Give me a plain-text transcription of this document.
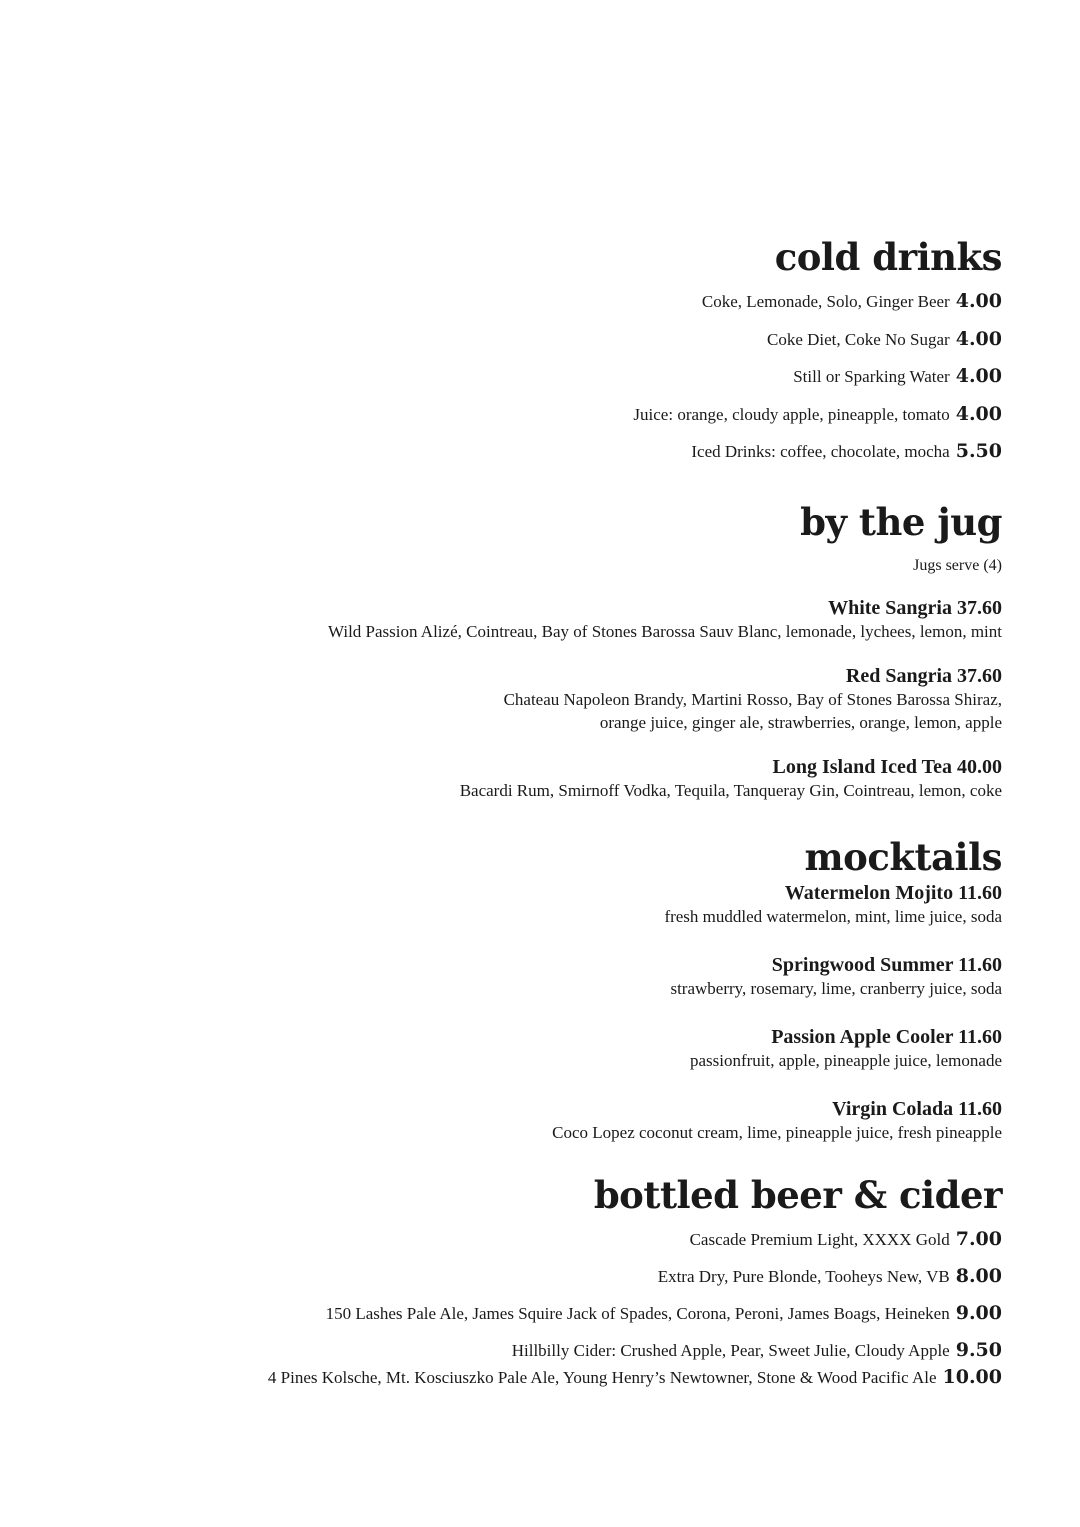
cold drinks

Coke, Lemonade, Solo, Ginger Beer 4.00

Coke Diet, Coke No Sugar 4.00

Still or Sparking Water 4.00

Juice: orange, cloudy apple, pineapple, tomato 4.00

Iced Drinks: coffee, chocolate, mocha 5.50

by the jug

Jugs serve (4)

White Sangria 37.60

Wild Passion Alizé, Cointreau, Bay of Stones Barossa Sauv Blanc, lemonade, lychees, lemon, mint

Red Sangria 37.60

Chateau Napoleon Brandy, Martini Rosso, Bay of Stones Barossa Shiraz,

orange juice, ginger ale, strawberries, orange, lemon, apple

Long Island Iced Tea 40.00

Bacardi Rum, Smirnoff Vodka, Tequila, Tanqueray Gin, Cointreau, lemon, coke

mocktails

Watermelon Mojito 11.60

fresh muddled watermelon, mint, lime juice, soda

Springwood Summer 11.60

strawberry, rosemary, lime, cranberry juice, soda

Passion Apple Cooler 11.60

passionfruit, apple, pineapple juice, lemonade

Virgin Colada 11.60

Coco Lopez coconut cream, lime, pineapple juice, fresh pineapple

bottled beer & cider

Cascade Premium Light, XXXX Gold 7.00

Extra Dry, Pure Blonde, Tooheys New, VB 8.00

150 Lashes Pale Ale, James Squire Jack of Spades, Corona, Peroni, James Boags, Heineken 9.00

Hillbilly Cider: Crushed Apple, Pear, Sweet Julie, Cloudy Apple 9.50

4 Pines Kolsche, Mt. Kosciuszko Pale Ale, Young Henry’s Newtowner, Stone & Wood Pacific Ale 10.00
